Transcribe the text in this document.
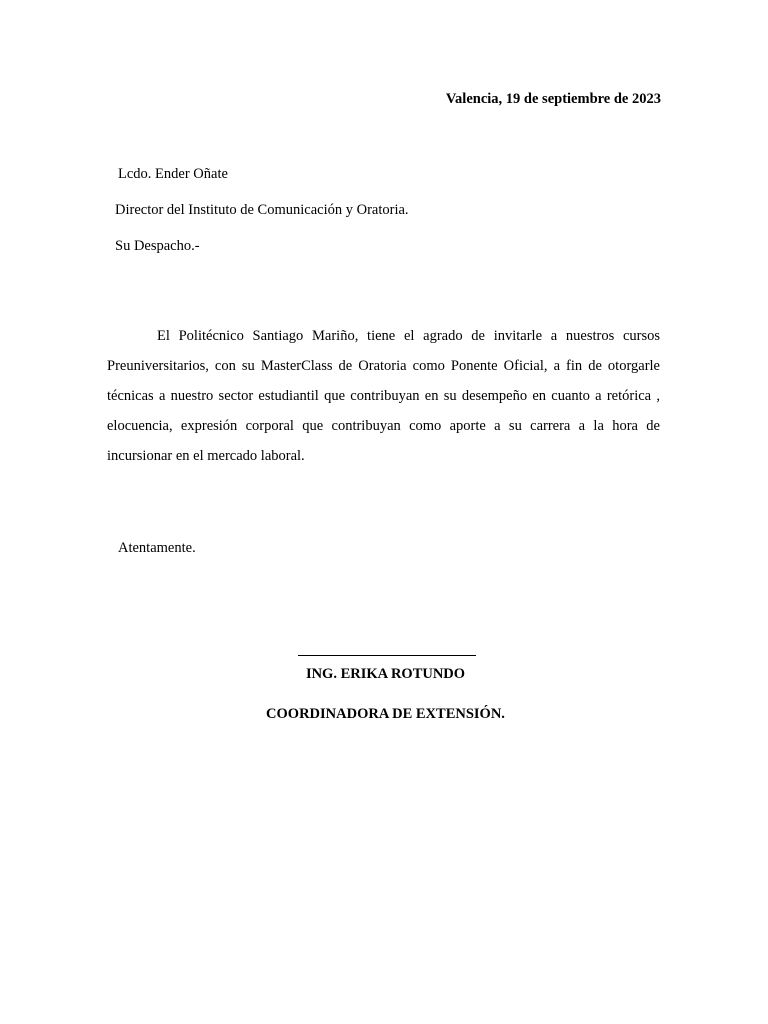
Valencia, 19 de septiembre de 2023
Lcdo. Ender Oñate
Director del Instituto de Comunicación y Oratoria.
Su Despacho.-

El Politécnico Santiago Mariño, tiene el agrado de invitarle a nuestros cursos Preuniversitarios, con su MasterClass de Oratoria como Ponente Oficial, a fin de otorgarle técnicas a nuestro sector estudiantil que contribuyan en su desempeño en cuanto a retórica , elocuencia, expresión corporal que contribuyan como aporte a su carrera a la hora de incursionar en el mercado laboral.

Atentamente.
ING. ERIKA ROTUNDO
COORDINADORA DE EXTENSIÓN.
